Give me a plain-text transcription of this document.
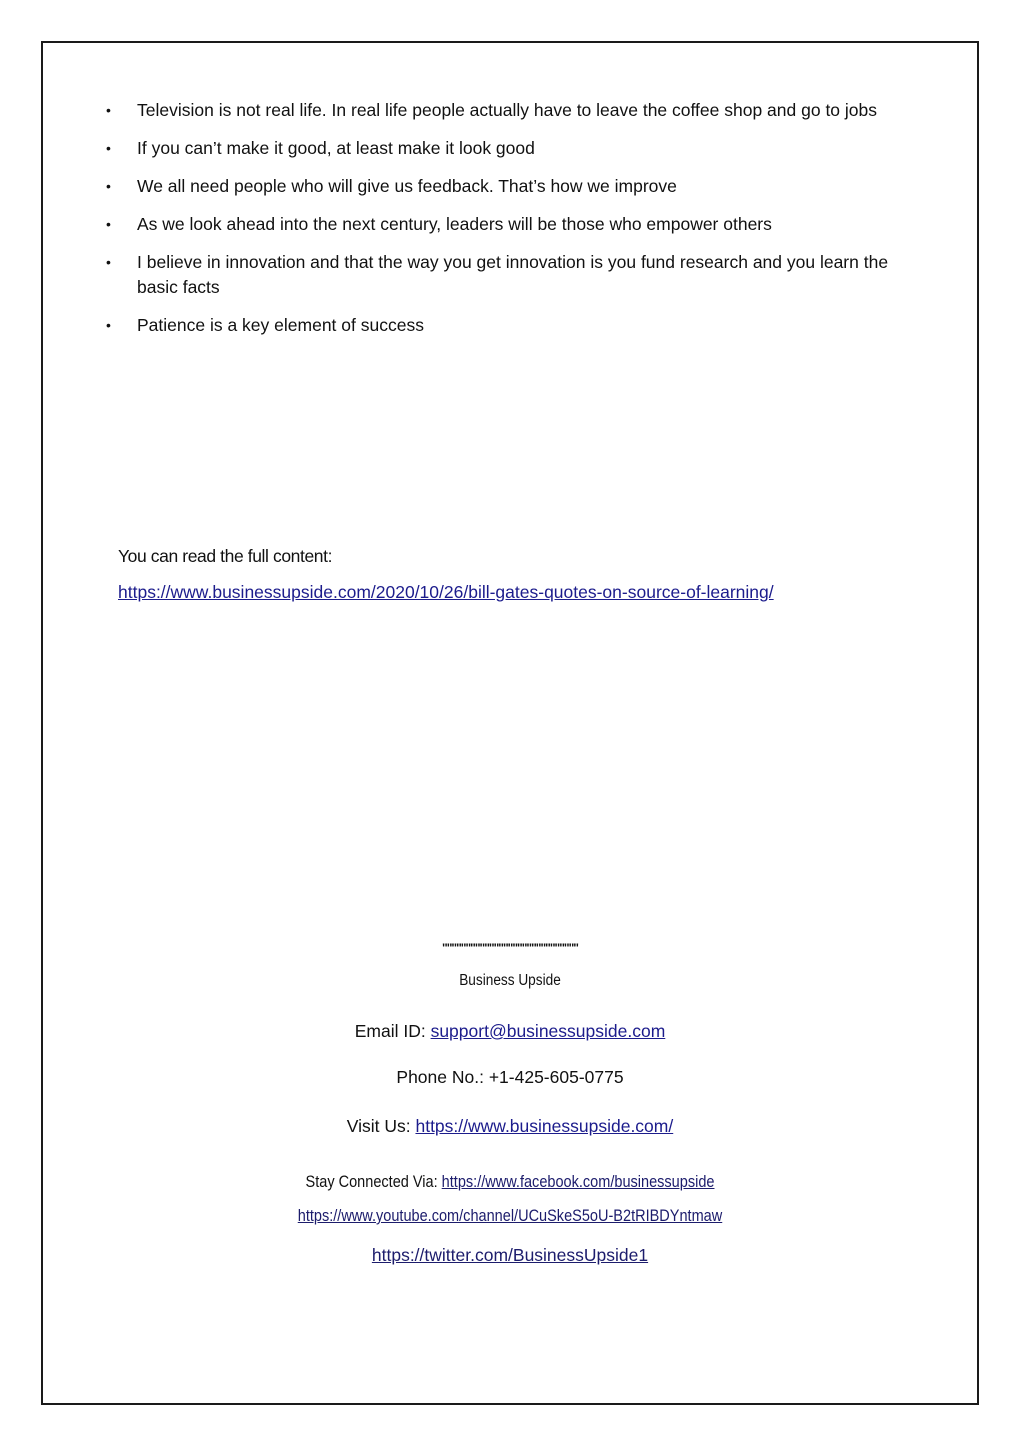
• Television is not real life. In real life people actually have to leave the coffee shop and go to jobs
• If you can’t make it good, at least make it look good
• We all need people who will give us feedback. That’s how we improve
• As we look ahead into the next century, leaders will be those who empower others
• I believe in innovation and that the way you get innovation is you fund research and you learn the basic facts
• Patience is a key element of success
You can read the full content:
https://www.businessupside.com/2020/10/26/bill-gates-quotes-on-source-of-learning/
"""""""""""""""""""""""""""""
Business Upside
Email ID: support@businessupside.com
Phone No.: +1-425-605-0775
Visit Us: https://www.businessupside.com/
Stay Connected Via: https://www.facebook.com/businessupside
https://www.youtube.com/channel/UCuSkeS5oU-B2tRIBDYntmaw
https://twitter.com/BusinessUpside1
